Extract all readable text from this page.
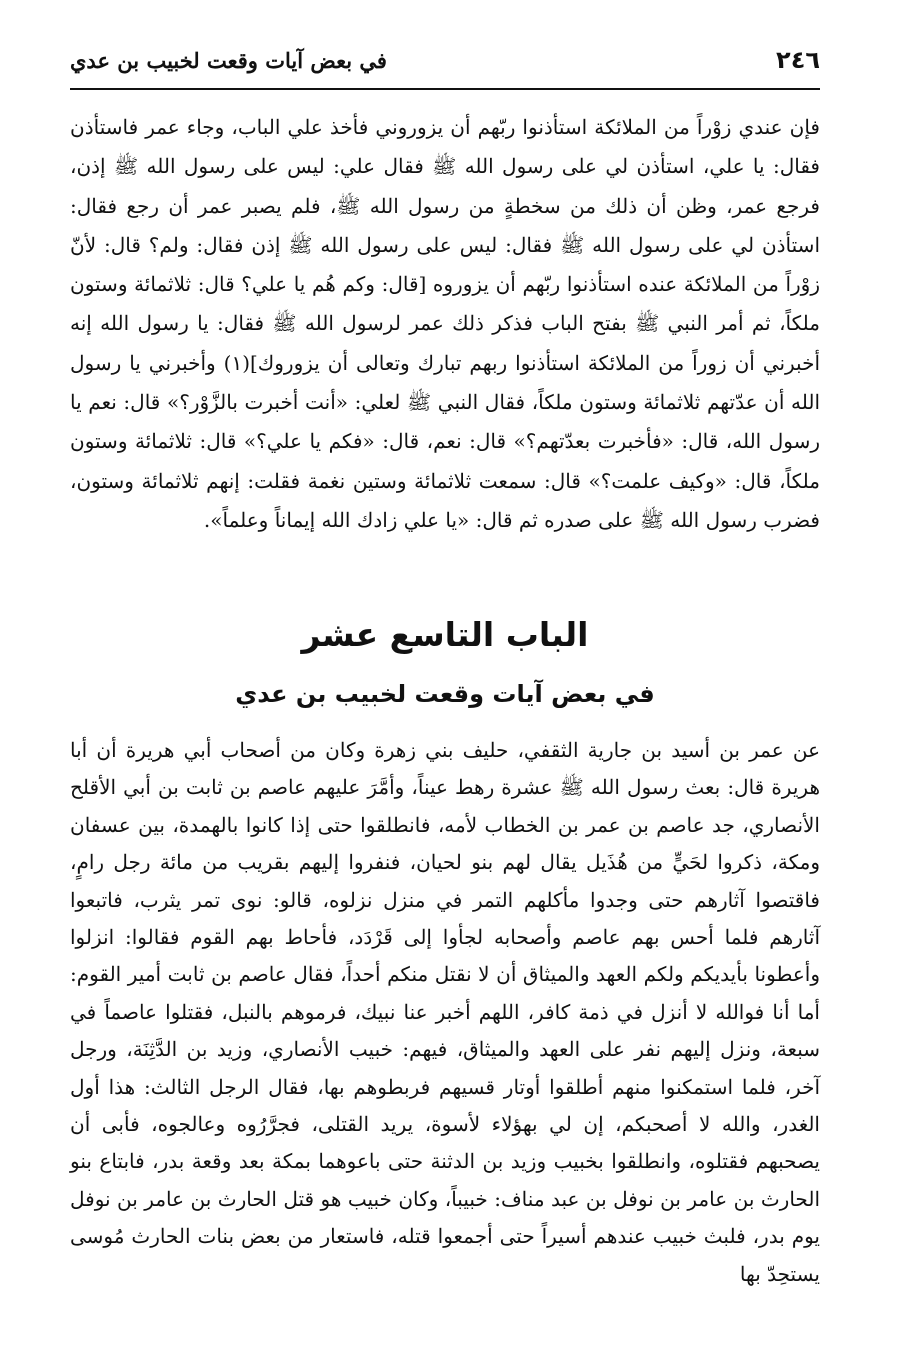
٢٤٦
في بعض آيات وقعت لخبيب بن عدي

فإن عندي زوْراً من الملائكة استأذنوا ربّهم أن يزوروني فأخذ علي الباب، وجاء عمر فاستأذن فقال: يا علي، استأذن لي على رسول الله ﷺ فقال علي: ليس على رسول الله ﷺ إذن، فرجع عمر، وظن أن ذلك من سخطةٍ من رسول الله ﷺ، فلم يصبر عمر أن رجع فقال: استأذن لي على رسول الله ﷺ فقال: ليس على رسول الله ﷺ إذن فقال: ولم؟ قال: لأنّ زوْراً من الملائكة عنده استأذنوا ربّهم أن يزوروه [قال: وكم هُم يا علي؟ قال: ثلاثمائة وستون ملكاً، ثم أمر النبي ﷺ بفتح الباب فذكر ذلك عمر لرسول الله ﷺ فقال: يا رسول الله إنه أخبرني أن زوراً من الملائكة استأذنوا ربهم تبارك وتعالى أن يزوروك](١) وأخبرني يا رسول الله أن عدّتهم ثلاثمائة وستون ملكاً، فقال النبي ﷺ لعلي: «أنت أخبرت بالزَّوْر؟» قال: نعم يا رسول الله، قال: «فأخبرت بعدّتهم؟» قال: نعم، قال: «فكم يا علي؟» قال: ثلاثمائة وستون ملكاً، قال: «وكيف علمت؟» قال: سمعت ثلاثمائة وستين نغمة فقلت: إنهم ثلاثمائة وستون، فضرب رسول الله ﷺ على صدره ثم قال: «يا علي زادك الله إيماناً وعلماً».

الباب التاسع عشر
في بعض آيات وقعت لخبيب بن عدي

عن عمر بن أسيد بن جارية الثقفي، حليف بني زهرة وكان من أصحاب أبي هريرة أن أبا هريرة قال: بعث رسول الله ﷺ عشرة رهط عيناً، وأمَّرَ عليهم عاصم بن ثابت بن أبي الأقلح الأنصاري، جد عاصم بن عمر بن الخطاب لأمه، فانطلقوا حتى إذا كانوا بالهمدة، بين عسفان ومكة، ذكروا لحَيٍّ من هُذَيل يقال لهم بنو لحيان، فنفروا إليهم بقريب من مائة رجل رامٍ، فاقتصوا آثارهم حتى وجدوا مأكلهم التمر في منزل نزلوه، قالو: نوى تمر يثرب، فاتبعوا آثارهم فلما أحس بهم عاصم وأصحابه لجأوا إلى قَرْدَد، فأحاط بهم القوم فقالوا: انزلوا وأعطونا بأيديكم ولكم العهد والميثاق أن لا نقتل منكم أحداً، فقال عاصم بن ثابت أمير القوم: أما أنا فوالله لا أنزل في ذمة كافر، اللهم أخبر عنا نبيك، فرموهم بالنبل، فقتلوا عاصماً في سبعة، ونزل إليهم نفر على العهد والميثاق، فيهم: خبيب الأنصاري، وزيد بن الدَّثِنَة، ورجل آخر، فلما استمكنوا منهم أطلقوا أوتار قسيهم فربطوهم بها، فقال الرجل الثالث: هذا أول الغدر، والله لا أصحبكم، إن لي بهؤلاء لأسوة، يريد القتلى، فجرَّرُوه وعالجوه، فأبى أن يصحبهم فقتلوه، وانطلقوا بخبيب وزيد بن الدثنة حتى باعوهما بمكة بعد وقعة بدر، فابتاع بنو الحارث بن عامر بن نوفل بن عبد مناف: خبيباً، وكان خبيب هو قتل الحارث بن عامر بن نوفل يوم بدر، فلبث خبيب عندهم أسيراً حتى أجمعوا قتله، فاستعار من بعض بنات الحارث مُوسى يستحِدّ بها
